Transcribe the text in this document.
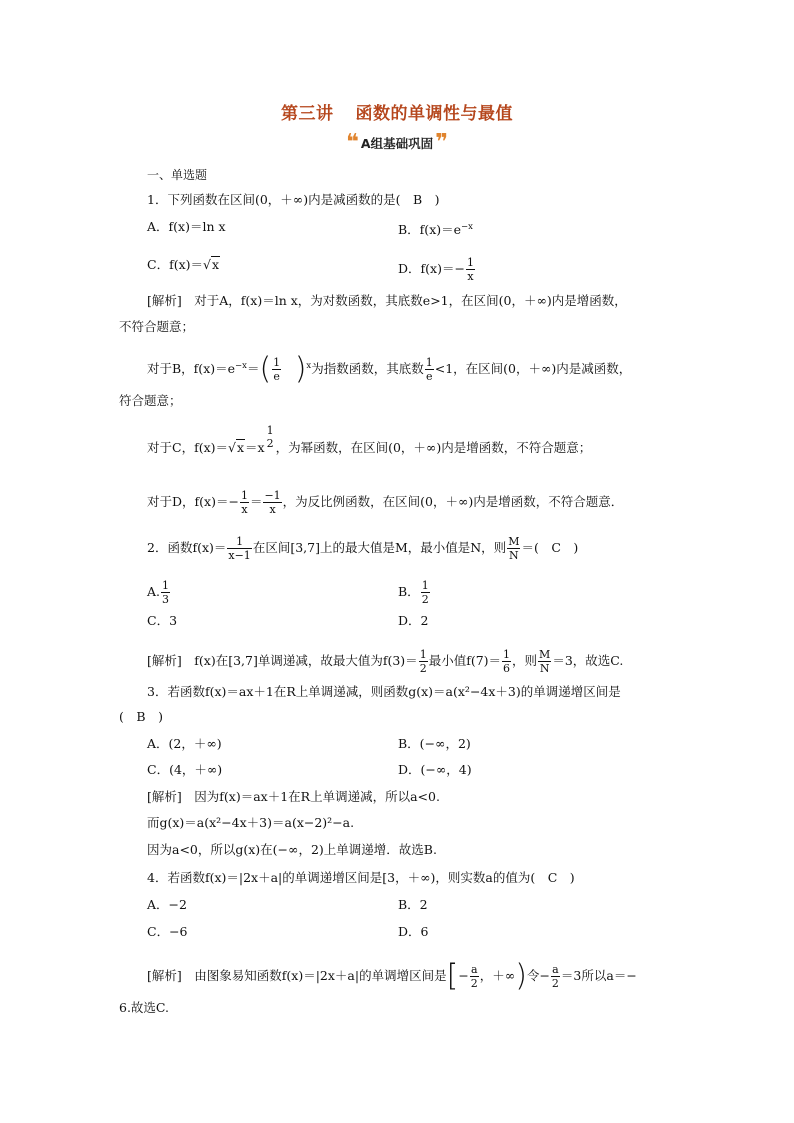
第三讲 函数的单调性与最值
❝ A组基础巩固 ❞
一、单选题
1．下列函数在区间(0，＋∞)内是减函数的是(　B　)
A．f(x)＝ln x	B．$f(x)=e^{-x}$
C．f(x)＝√x	D．$f(x)=- \frac{1}{x}$
[解析]　 对于A，f(x)＝ln x，为对数函数，其底数e>1，在区间(0，＋∞)内是增函数，
不符合题意；
对于B，$f(x)=e^{-x}=( \frac{1}{e}$
　 )$^x$为指数函数，其底数 $\frac{1}{e} <1$，在区间(0，＋∞)内是减函数，
符合题意；
对于C，f(x)＝√x＝x
1
2 ，为幂函数，在区间(0，＋∞)内是增函数，不符合题意；
对于D，$f(x)=- \frac{1}{x} = \frac{-1}{x}$ ，为反比例函数，在区间(0，＋∞)内是增函数，不符合题意．
2．函数$f(x)= \frac{1}{x-1}$ 在区间[3,7]上的最大值是M，最小值是N，则 $\frac{M}{N}$ ＝(　C　)
A. $\frac{1}{3}$	B． $\frac{1}{2}$
C．3	D．2
[解析]　 f(x)在[3,7]单调递减，故最大值为$f(3)= \frac{1}{2}$ 最小值$f(7)= \frac{1}{6}$ ，则 $\frac{M}{N} =3$，故选C.
3．若函数f(x)＝ax＋1在R上单调递减，则函数g(x)＝a(x²−4x＋3)的单调递增区间是
(　B　)
A．(2，＋∞)	B．(−∞，2)
C．(4，＋∞)	D．(−∞，4)
[解析]　 因为f(x)＝ax＋1在R上单调递减，所以a<0.
而g(x)＝a(x²−4x＋3)＝a(x−2)²−a.
因为a<0，所以g(x)在(−∞，2)上单调递增．故选B.
4．若函数f(x)＝|2x＋a|的单调递增区间是[3，＋∞)，则实数a的值为(　C　)
A．−2	B．2
C．−6	D．6
[解析]　 由图象易知函数f(x)＝|2x＋a|的单调增区间是[− $\frac{a}{2}$ ，＋∞)令− $\frac{a}{2} =3$所以a＝−
6.故选C.
